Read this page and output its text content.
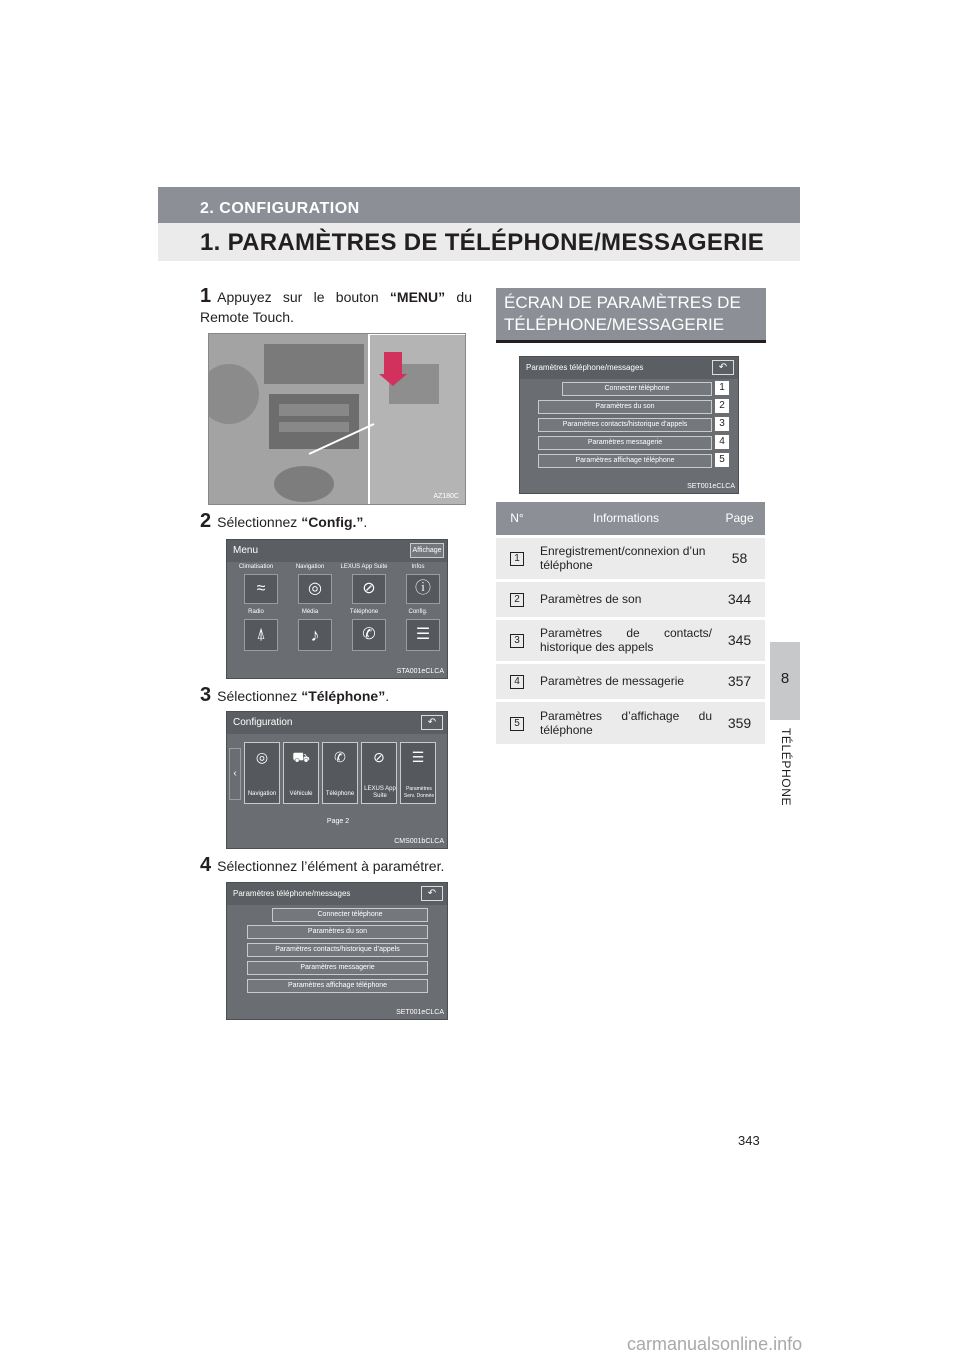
2. CONFIGURATION
1. PARAMÈTRES DE TÉLÉPHONE/MESSAGERIE
8
TÉLÉPHONE
1 Appuyez sur le bouton “MENU” du Remote Touch.
AZ180C
2 Sélectionnez “Config.”.
Menu	Affichage
Climatisation	Navigation	LEXUS App Suite	Infos
Radio	Média	Téléphone	Config.
≈	◎	⊘	ⓘ
⍋	♪	✆	☰
STA001eCLCA
3 Sélectionnez “Téléphone”.
Configuration	↶
‹
◎
Navigation
⛟
Véhicule
✆
Téléphone
⊘
LEXUS App Suite
☰
Paramètres Serv. Donnée
Page 2
CMS001bCLCA
4 Sélectionnez l’élément à paramétrer.
Paramètres téléphone/messages	↶
Connecter téléphone
Paramètres du son
Paramètres contacts/historique d’appels
Paramètres messagerie
Paramètres affichage téléphone
SET001eCLCA
ÉCRAN DE PARAMÈTRES DE TÉLÉPHONE/MESSAGERIE
Paramètres téléphone/messages	↶
Connecter téléphone
Paramètres du son
Paramètres contacts/historique d’appels
Paramètres messagerie
Paramètres affichage téléphone
1
2
3
4
5
SET001eCLCA
N°	Informations	Page
1	Enregistrement/connexion d’un téléphone	58
2	Paramètres de son	344
3	Paramètres de contacts/ historique des appels	345
4	Paramètres de messagerie	357
5	Paramètres d’affichage du téléphone	359
343
carmanualsonline.info
